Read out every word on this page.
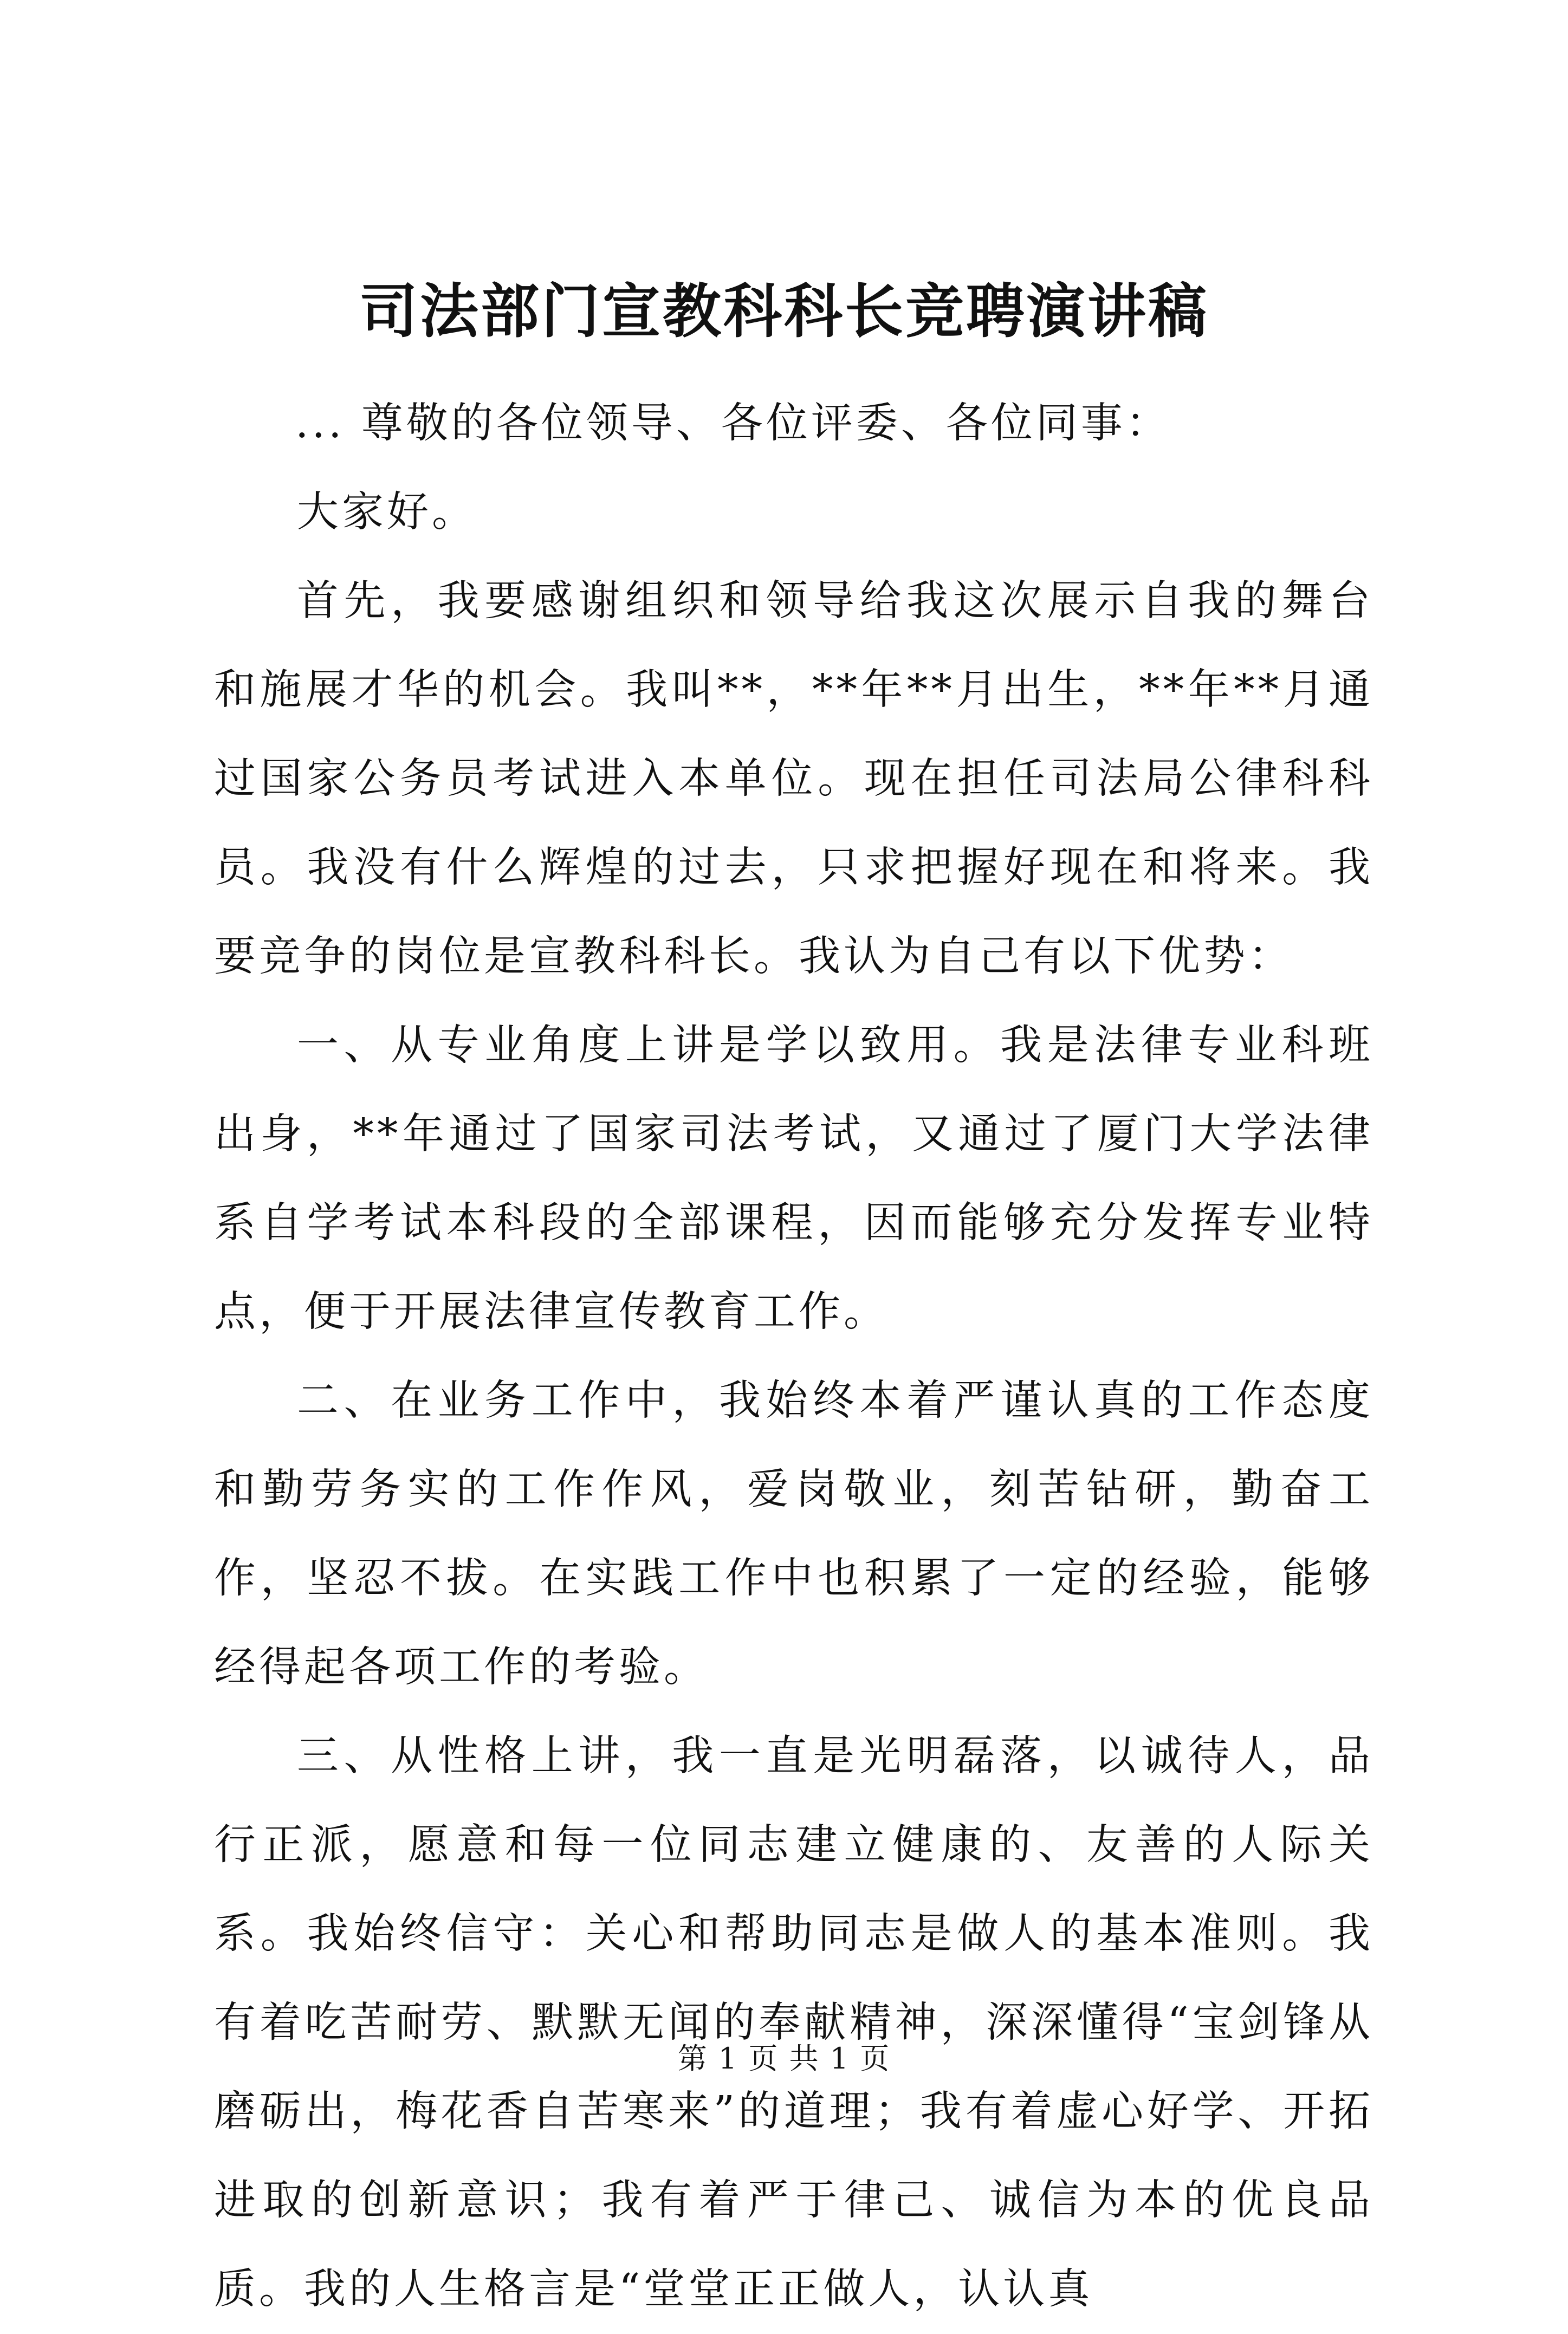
司法部门宣教科科长竞聘演讲稿

... 尊敬的各位领导、各位评委、各位同事：

大家好。

首先，我要感谢组织和领导给我这次展示自我的舞台和施展才华的机会。我叫**，**年**月出生，**年**月通过国家公务员考试进入本单位。现在担任司法局公律科科员。我没有什么辉煌的过去，只求把握好现在和将来。我要竞争的岗位是宣教科科长。我认为自己有以下优势：

一、从专业角度上讲是学以致用。我是法律专业科班出身，**年通过了国家司法考试，又通过了厦门大学法律系自学考试本科段的全部课程，因而能够充分发挥专业特点，便于开展法律宣传教育工作。

二、在业务工作中，我始终本着严谨认真的工作态度和勤劳务实的工作作风，爱岗敬业，刻苦钻研，勤奋工作，坚忍不拔。在实践工作中也积累了一定的经验，能够经得起各项工作的考验。

三、从性格上讲，我一直是光明磊落，以诚待人，品行正派，愿意和每一位同志建立健康的、友善的人际关系。我始终信守：关心和帮助同志是做人的基本准则。我有着吃苦耐劳、默默无闻的奉献精神，深深懂得“宝剑锋从磨砺出，梅花香自苦寒来”的道理；我有着虚心好学、开拓进取的创新意识；我有着严于律己、诚信为本的优良品质。我的人生格言是“堂堂正正做人，认认真

第 1 页 共 1 页
